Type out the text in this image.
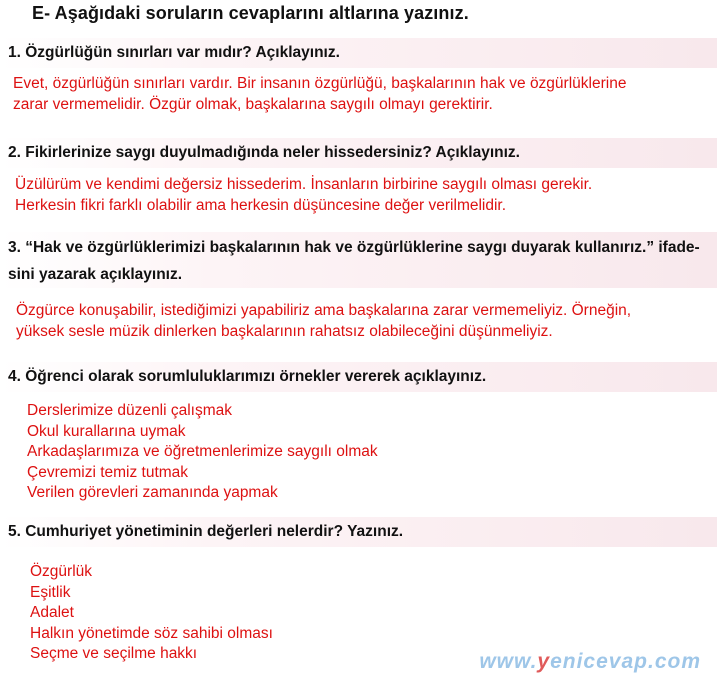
E- Aşağıdaki soruların cevaplarını altlarına yazınız.
1. Özgürlüğün sınırları var mıdır? Açıklayınız.
Evet, özgürlüğün sınırları vardır. Bir insanın özgürlüğü, başkalarının hak ve özgürlüklerine
zarar vermemelidir. Özgür olmak, başkalarına saygılı olmayı gerektirir.
2. Fikirlerinize saygı duyulmadığında neler hissedersiniz? Açıklayınız.
Üzülürüm ve kendimi değersiz hissederim. İnsanların birbirine saygılı olması gerekir.
Herkesin fikri farklı olabilir ama herkesin düşüncesine değer verilmelidir.
3. “Hak ve özgürlüklerimizi başkalarının hak ve özgürlüklerine saygı duyarak kullanırız.” ifade-
sini yazarak açıklayınız.
Özgürce konuşabilir, istediğimizi yapabiliriz ama başkalarına zarar vermemeliyiz. Örneğin,
yüksek sesle müzik dinlerken başkalarının rahatsız olabileceğini düşünmeliyiz.
4. Öğrenci olarak sorumluluklarımızı örnekler vererek açıklayınız.
Derslerimize düzenli çalışmak
Okul kurallarına uymak
Arkadaşlarımıza ve öğretmenlerimize saygılı olmak
Çevremizi temiz tutmak
Verilen görevleri zamanında yapmak
5. Cumhuriyet yönetiminin değerleri nelerdir? Yazınız.
Özgürlük
Eşitlik
Adalet
Halkın yönetimde söz sahibi olması
Seçme ve seçilme hakkı	www.yenicevap.com
